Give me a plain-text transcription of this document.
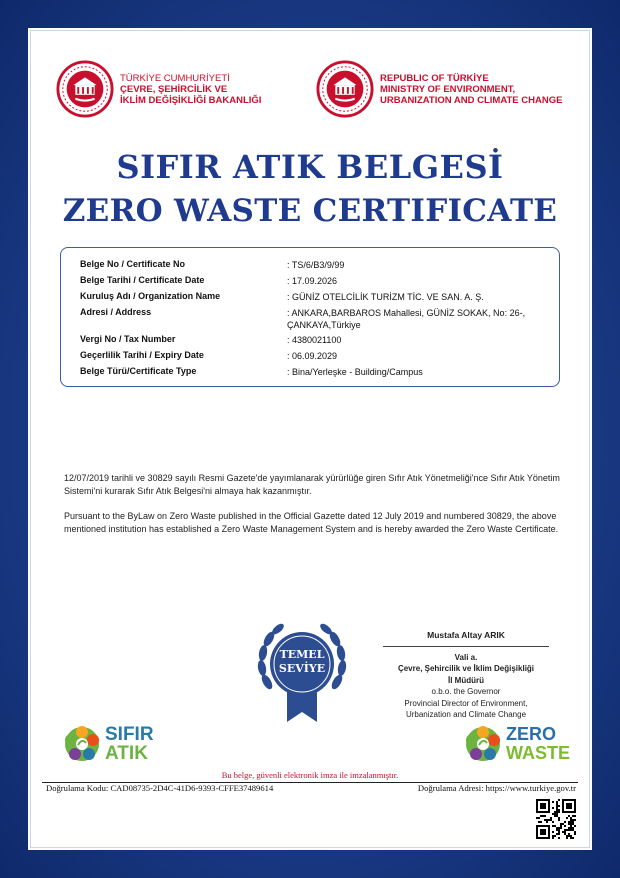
TÜRKİYE CUMHURİYETİ
ÇEVRE, ŞEHİRCİLİK VE
İKLİM DEĞİŞİKLİĞİ BAKANLIĞI
REPUBLIC OF TÜRKİYE
MINISTRY OF ENVIRONMENT,
URBANIZATION AND CLIMATE CHANGE
SIFIR ATIK BELGESİ
ZERO WASTE CERTIFICATE
Belge No / Certificate No	: TS/6/B3/9/99
Belge Tarihi / Certificate Date	: 17.09.2026
Kuruluş Adı / Organization Name	: GÜNİZ OTELCİLİK TURİZM TİC. VE SAN. A. Ş.
Adresi / Address	: ANKARA,BARBAROS Mahallesi, GÜNİZ SOKAK, No: 26-,
ÇANKAYA,Türkiye
Vergi No / Tax Number	: 4380021100
Geçerlilik Tarihi / Expiry Date	: 06.09.2029
Belge Türü/Certificate Type	: Bina/Yerleşke - Building/Campus
12/07/2019 tarihli ve 30829 sayılı Resmi Gazete'de yayımlanarak yürürlüğe giren Sıfır Atık Yönetmeliği'nce Sıfır Atık Yönetim Sistemi'ni kurarak Sıfır Atık Belgesi'ni almaya hak kazanmıştır.
Pursuant to the ByLaw on Zero Waste published in the Official Gazette dated 12 July 2019 and numbered 30829, the above mentioned institution has established a Zero Waste Management System and is hereby awarded the Zero Waste Certificate.
TEMEL
SEVİYE
Mustafa Altay ARIK
Vali a.
Çevre, Şehircilik ve İklim Değişikliği
İl Müdürü
o.b.o. the Governor
Provincial Director of Environment,
Urbanization and Climate Change
SIFIR
ATIK
ZERO
WASTE
Bu belge, güvenli elektronik imza ile imzalanmıştır.
Doğrulama Kodu: CAD08735-2D4C-41D6-9393-CFFE37489614	Doğrulama Adresi: https://www.turkiye.gov.tr
